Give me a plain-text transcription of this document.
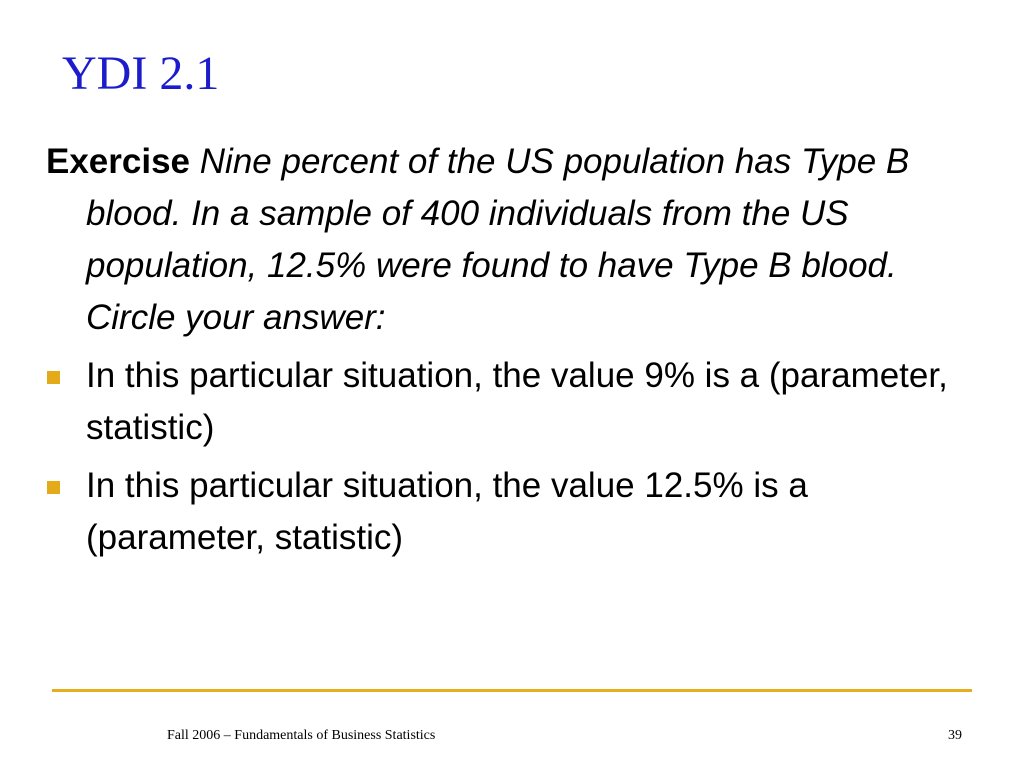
YDI 2.1

Exercise Nine percent of the US population has Type B blood. In a sample of 400 individuals from the US population, 12.5% were found to have Type B blood. Circle your answer:

In this particular situation, the value 9% is a (parameter, statistic)
In this particular situation, the value 12.5% is a (parameter, statistic)
Fall 2006 – Fundamentals of Business Statistics	39
